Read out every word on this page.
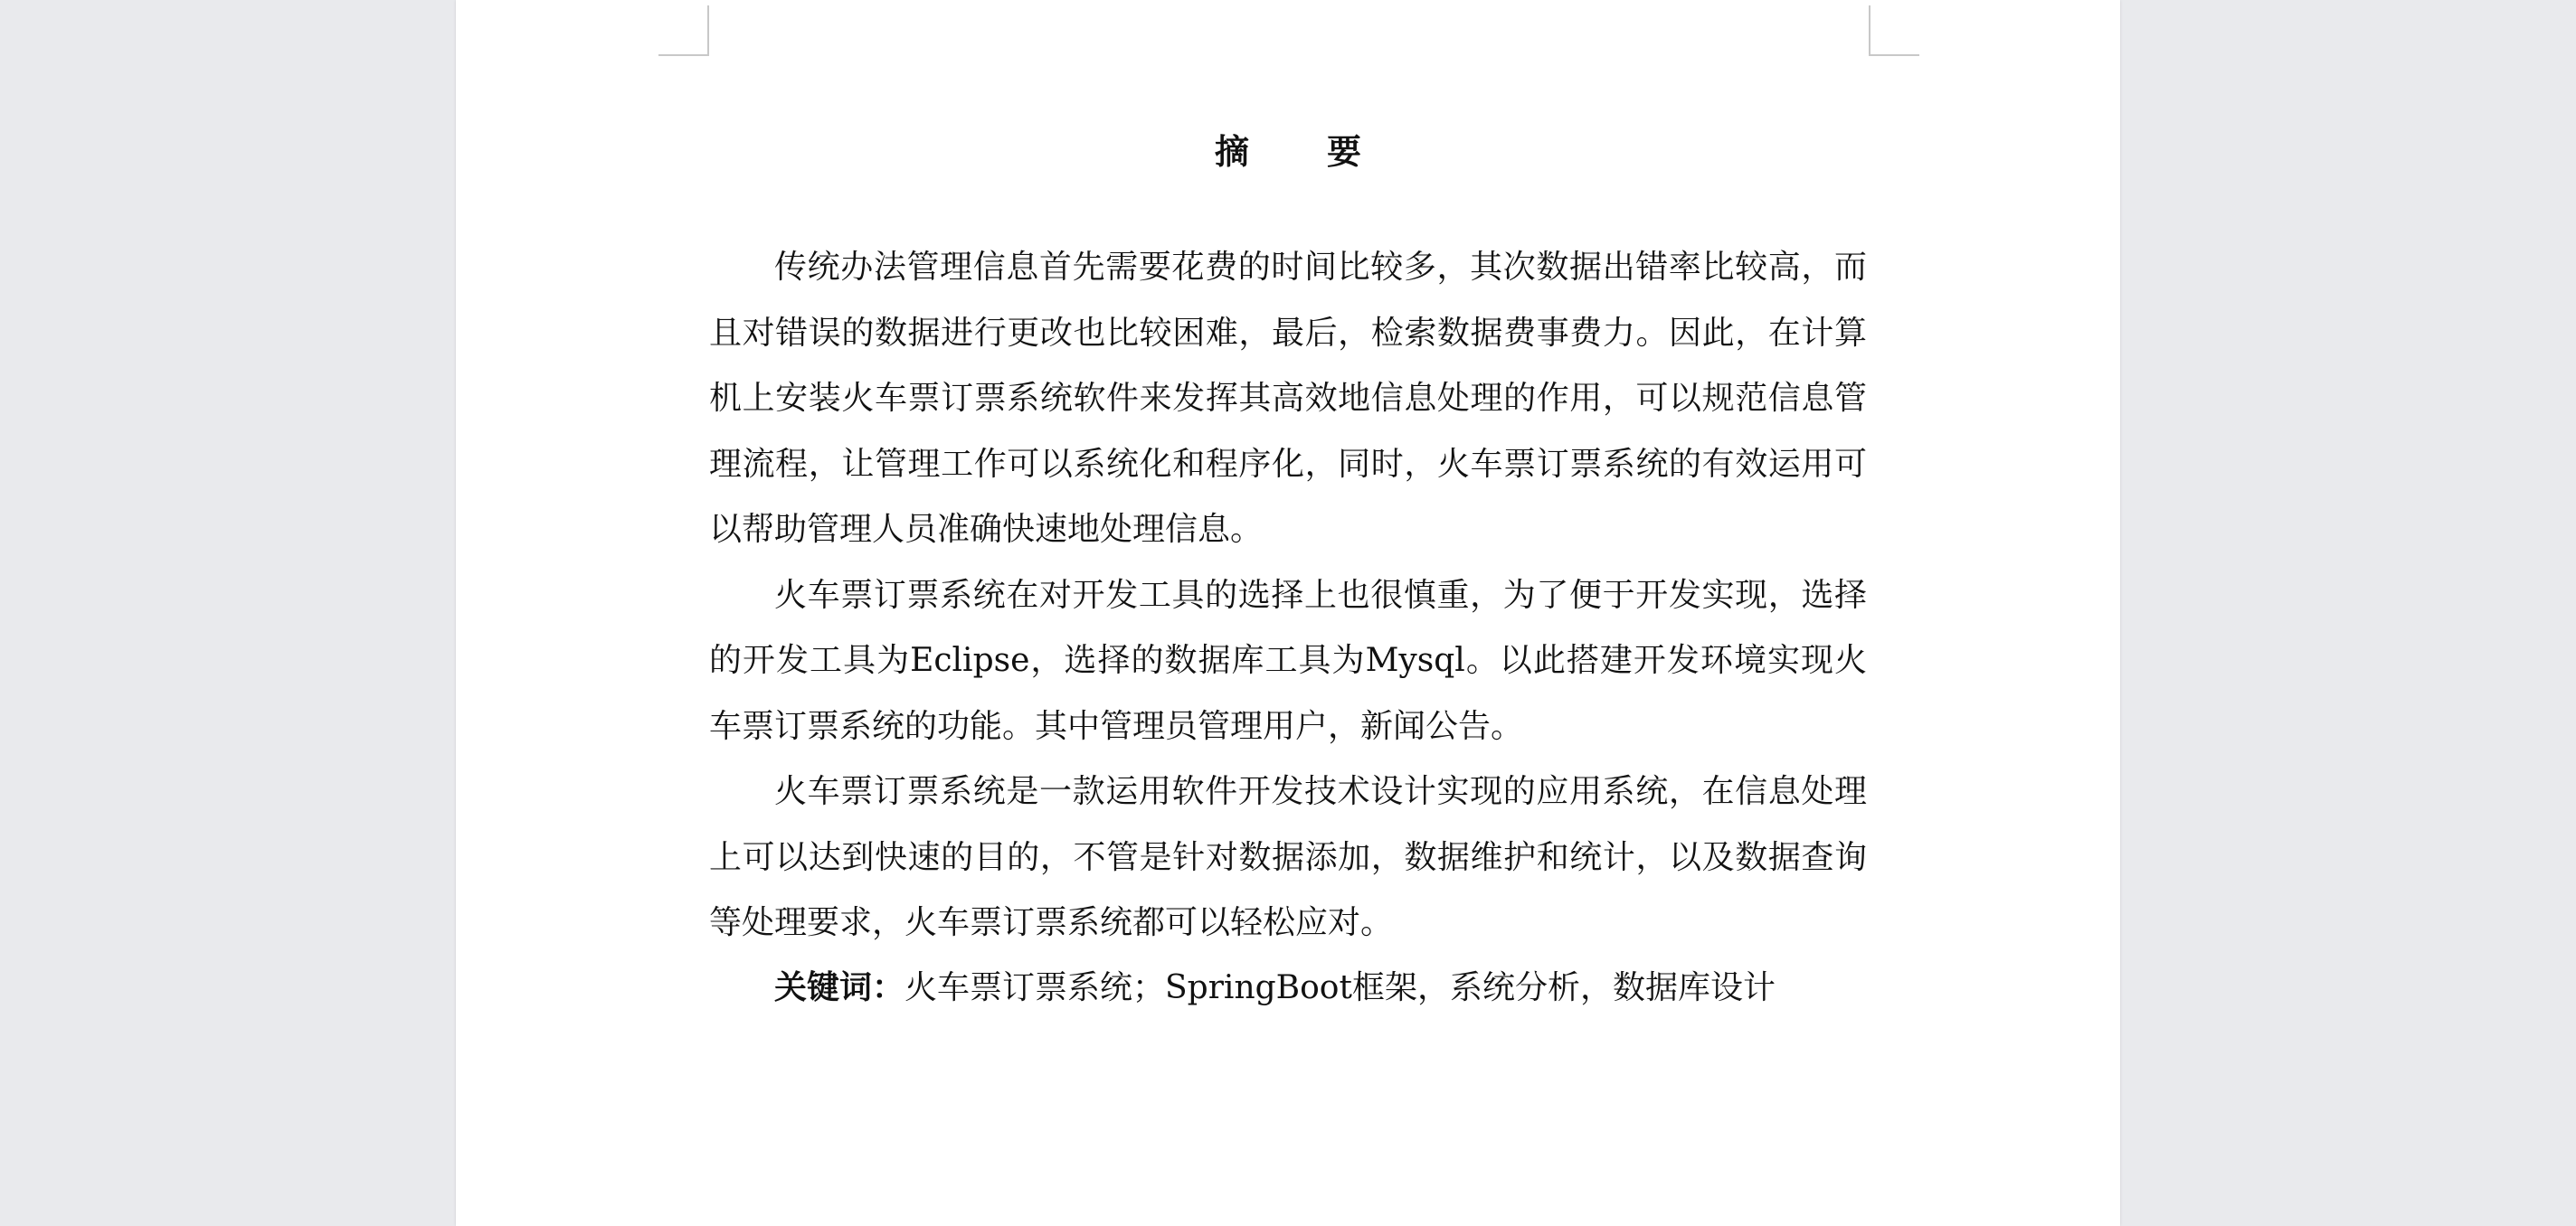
摘　要

传统办法管理信息首先需要花费的时间比较多，其次数据出错率比较高，而且对错误的数据进行更改也比较困难，最后，检索数据费事费力。因此，在计算机上安装火车票订票系统软件来发挥其高效地信息处理的作用，可以规范信息管理流程，让管理工作可以系统化和程序化，同时，火车票订票系统的有效运用可以帮助管理人员准确快速地处理信息。

火车票订票系统在对开发工具的选择上也很慎重，为了便于开发实现，选择的开发工具为Eclipse，选择的数据库工具为Mysql。以此搭建开发环境实现火车票订票系统的功能。其中管理员管理用户，新闻公告。

火车票订票系统是一款运用软件开发技术设计实现的应用系统，在信息处理上可以达到快速的目的，不管是针对数据添加，数据维护和统计，以及数据查询等处理要求，火车票订票系统都可以轻松应对。

关键词：火车票订票系统；SpringBoot框架，系统分析，数据库设计
